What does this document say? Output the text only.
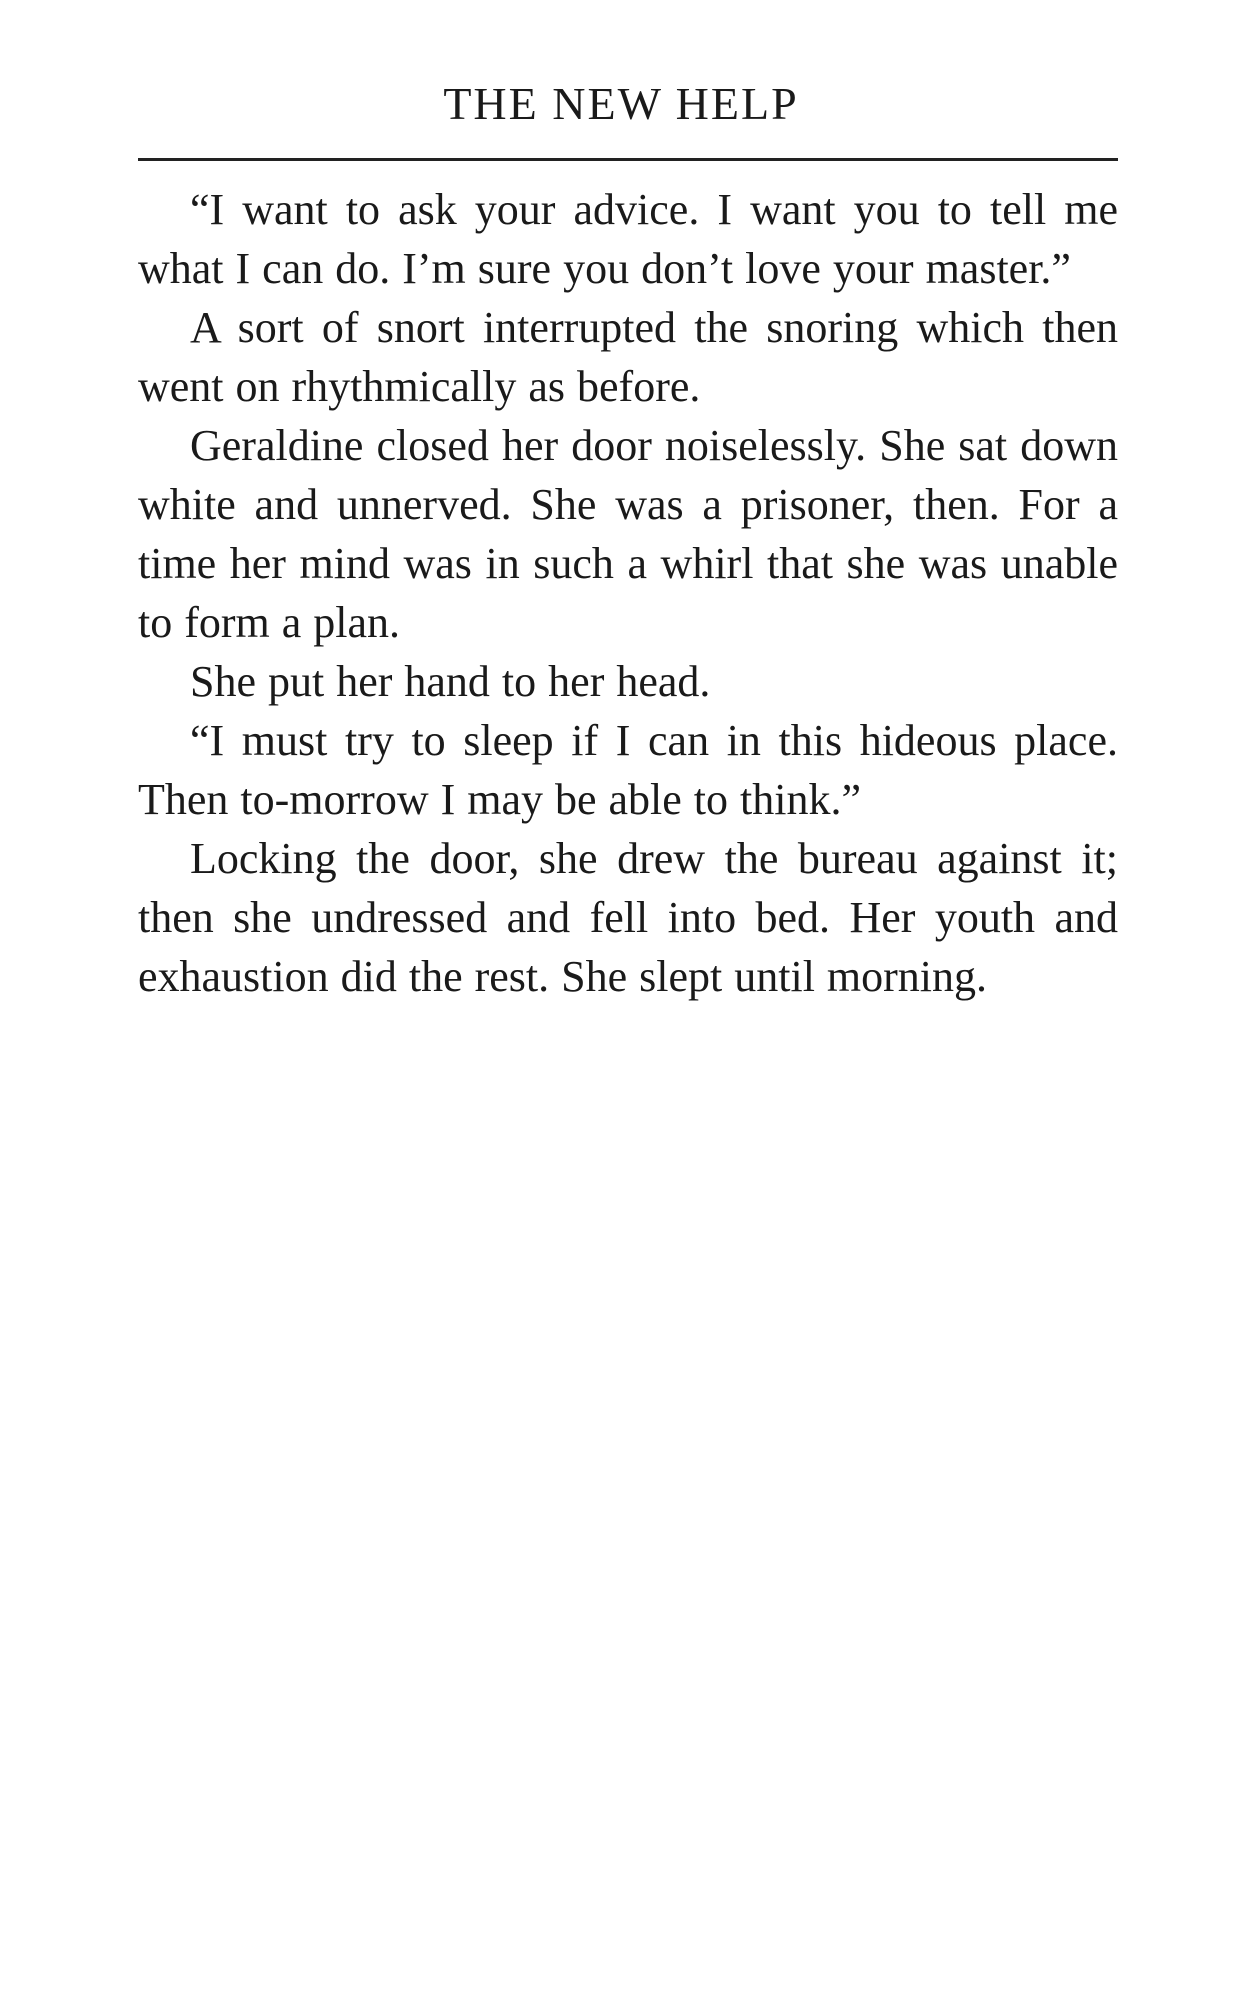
THE NEW HELP

“I want to ask your advice. I want you to tell me what I can do. I’m sure you don’t love your master.”

A sort of snort interrupted the snoring which then went on rhythmically as before.

Geraldine closed her door noiselessly. She sat down white and unnerved. She was a prisoner, then. For a time her mind was in such a whirl that she was unable to form a plan.

She put her hand to her head.

“I must try to sleep if I can in this hideous place. Then to-morrow I may be able to think.”

Locking the door, she drew the bureau against it; then she undressed and fell into bed. Her youth and exhaustion did the rest. She slept until morning.
